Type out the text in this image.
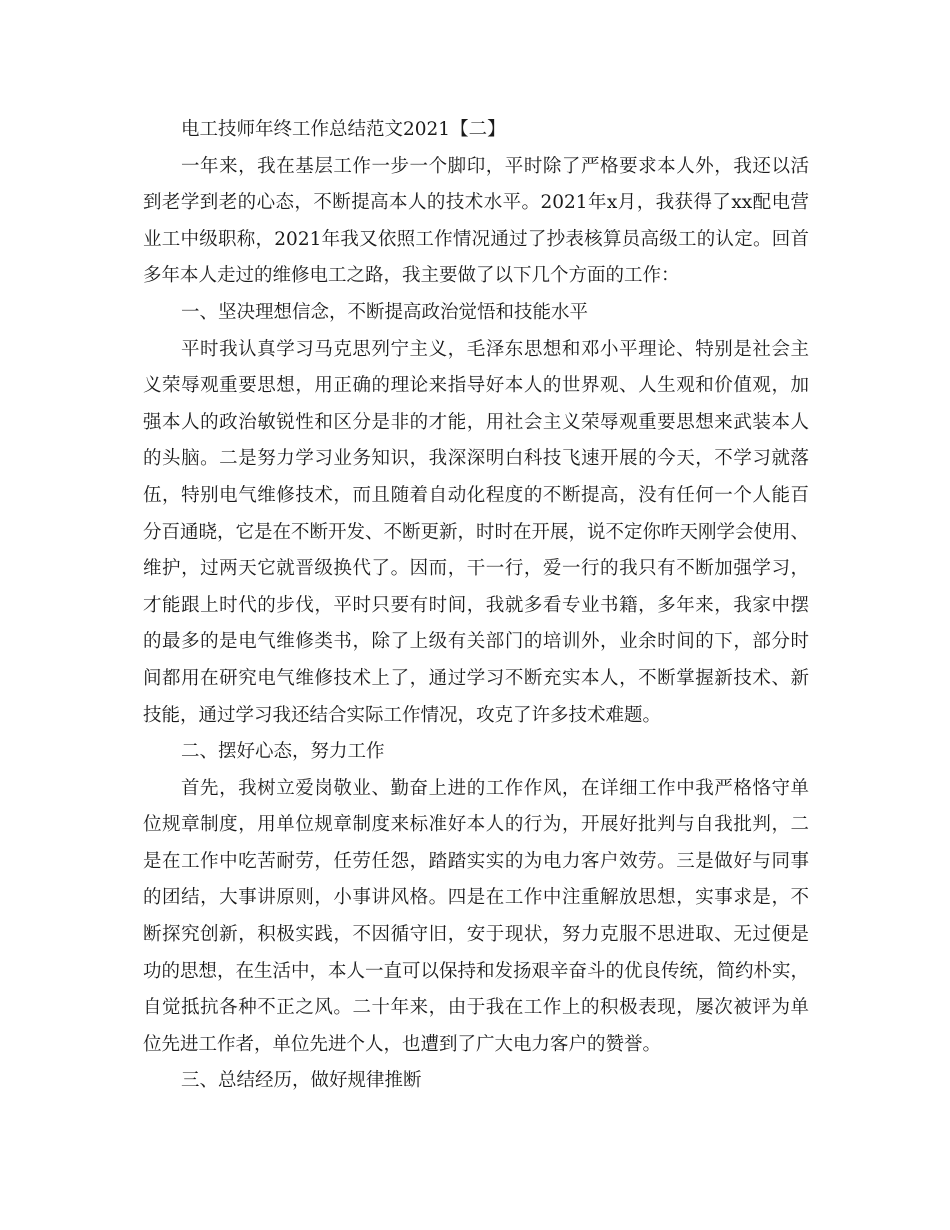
电工技师年终工作总结范文2021【二】
一年来，我在基层工作一步一个脚印，平时除了严格要求本人外，我还以活
到老学到老的心态，不断提高本人的技术水平。2021年x月，我获得了xx配电营
业工中级职称，2021年我又依照工作情况通过了抄表核算员高级工的认定。回首
多年本人走过的维修电工之路，我主要做了以下几个方面的工作：
一、坚决理想信念，不断提高政治觉悟和技能水平
平时我认真学习马克思列宁主义，毛泽东思想和邓小平理论、特别是社会主
义荣辱观重要思想，用正确的理论来指导好本人的世界观、人生观和价值观，加
强本人的政治敏锐性和区分是非的才能，用社会主义荣辱观重要思想来武装本人
的头脑。二是努力学习业务知识，我深深明白科技飞速开展的今天，不学习就落
伍，特别电气维修技术，而且随着自动化程度的不断提高，没有任何一个人能百
分百通晓，它是在不断开发、不断更新，时时在开展，说不定你昨天刚学会使用、
维护，过两天它就晋级换代了。因而，干一行，爱一行的我只有不断加强学习，
才能跟上时代的步伐，平时只要有时间，我就多看专业书籍，多年来，我家中摆
的最多的是电气维修类书，除了上级有关部门的培训外，业余时间的下，部分时
间都用在研究电气维修技术上了，通过学习不断充实本人，不断掌握新技术、新
技能，通过学习我还结合实际工作情况，攻克了许多技术难题。
二、摆好心态，努力工作
首先，我树立爱岗敬业、勤奋上进的工作作风，在详细工作中我严格恪守单
位规章制度，用单位规章制度来标准好本人的行为，开展好批判与自我批判，二
是在工作中吃苦耐劳，任劳任怨，踏踏实实的为电力客户效劳。三是做好与同事
的团结，大事讲原则，小事讲风格。四是在工作中注重解放思想，实事求是，不
断探究创新，积极实践，不因循守旧，安于现状，努力克服不思进取、无过便是
功的思想，在生活中，本人一直可以保持和发扬艰辛奋斗的优良传统，简约朴实，
自觉抵抗各种不正之风。二十年来，由于我在工作上的积极表现，屡次被评为单
位先进工作者，单位先进个人，也遭到了广大电力客户的赞誉。
三、总结经历，做好规律推断
